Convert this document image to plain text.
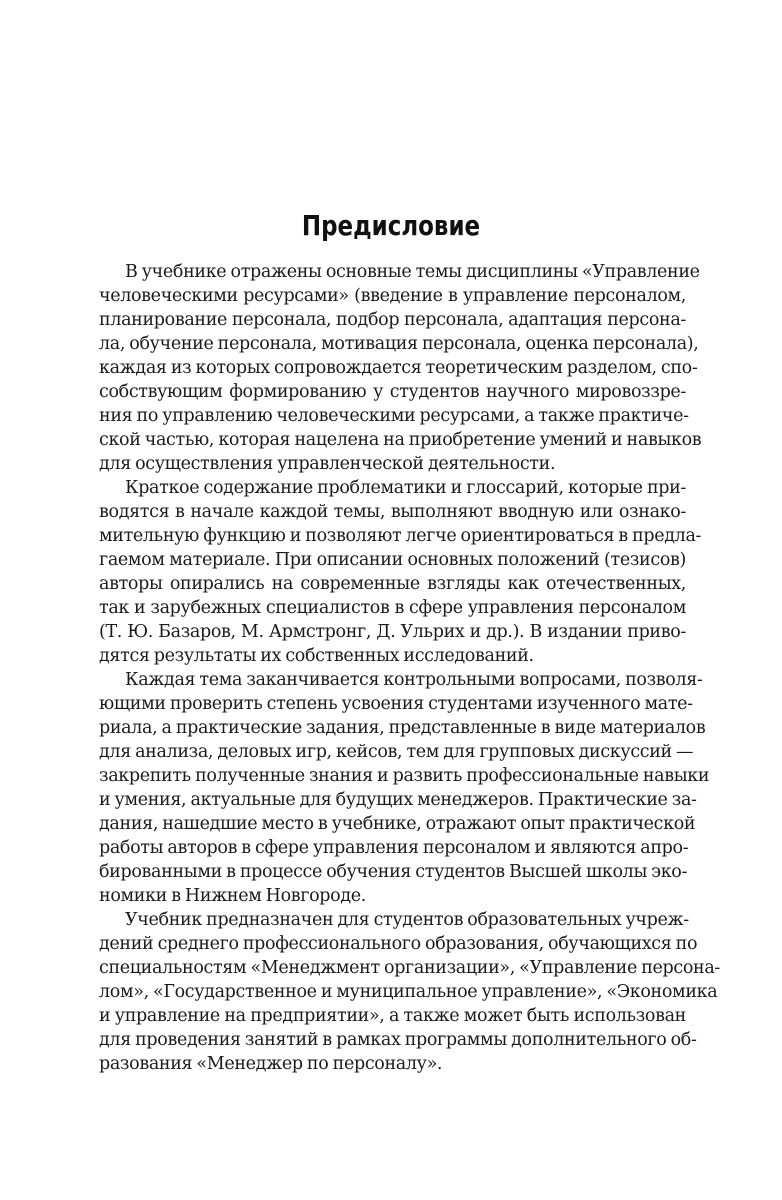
Предисловие
В учебнике отражены основные темы дисциплины «Управление
человеческими ресурсами» (введение в управление персоналом,
планирование персонала, подбор персонала, адаптация персона-
ла, обучение персонала, мотивация персонала, оценка персонала),
каждая из которых сопровождается теоретическим разделом, спо-
собствующим формированию у студентов научного мировоззре-
ния по управлению человеческими ресурсами, а также практиче-
ской частью, которая нацелена на приобретение умений и навыков
для осуществления управленческой деятельности.
Краткое содержание проблематики и глоссарий, которые при-
водятся в начале каждой темы, выполняют вводную или ознако-
мительную функцию и позволяют легче ориентироваться в предла-
гаемом материале. При описании основных положений (тезисов)
авторы опирались на современные взгляды как отечественных,
так и зарубежных специалистов в сфере управления персоналом
(Т. Ю. Базаров, М. Армстронг, Д. Ульрих и др.). В издании приво-
дятся результаты их собственных исследований.
Каждая тема заканчивается контрольными вопросами, позволя-
ющими проверить степень усвоения студентами изученного мате-
риала, а практические задания, представленные в виде материалов
для анализа, деловых игр, кейсов, тем для групповых дискуссий —
закрепить полученные знания и развить профессиональные навыки
и умения, актуальные для будущих менеджеров. Практические за-
дания, нашедшие место в учебнике, отражают опыт практической
работы авторов в сфере управления персоналом и являются апро-
бированными в процессе обучения студентов Высшей школы эко-
номики в Нижнем Новгороде.
Учебник предназначен для студентов образовательных учреж-
дений среднего профессионального образования, обучающихся по
специальностям «Менеджмент организации», «Управление персона-
лом», «Государственное и муниципальное управление», «Экономика
и управление на предприятии», а также может быть использован
для проведения занятий в рамках программы дополнительного об-
разования «Менеджер по персоналу».
